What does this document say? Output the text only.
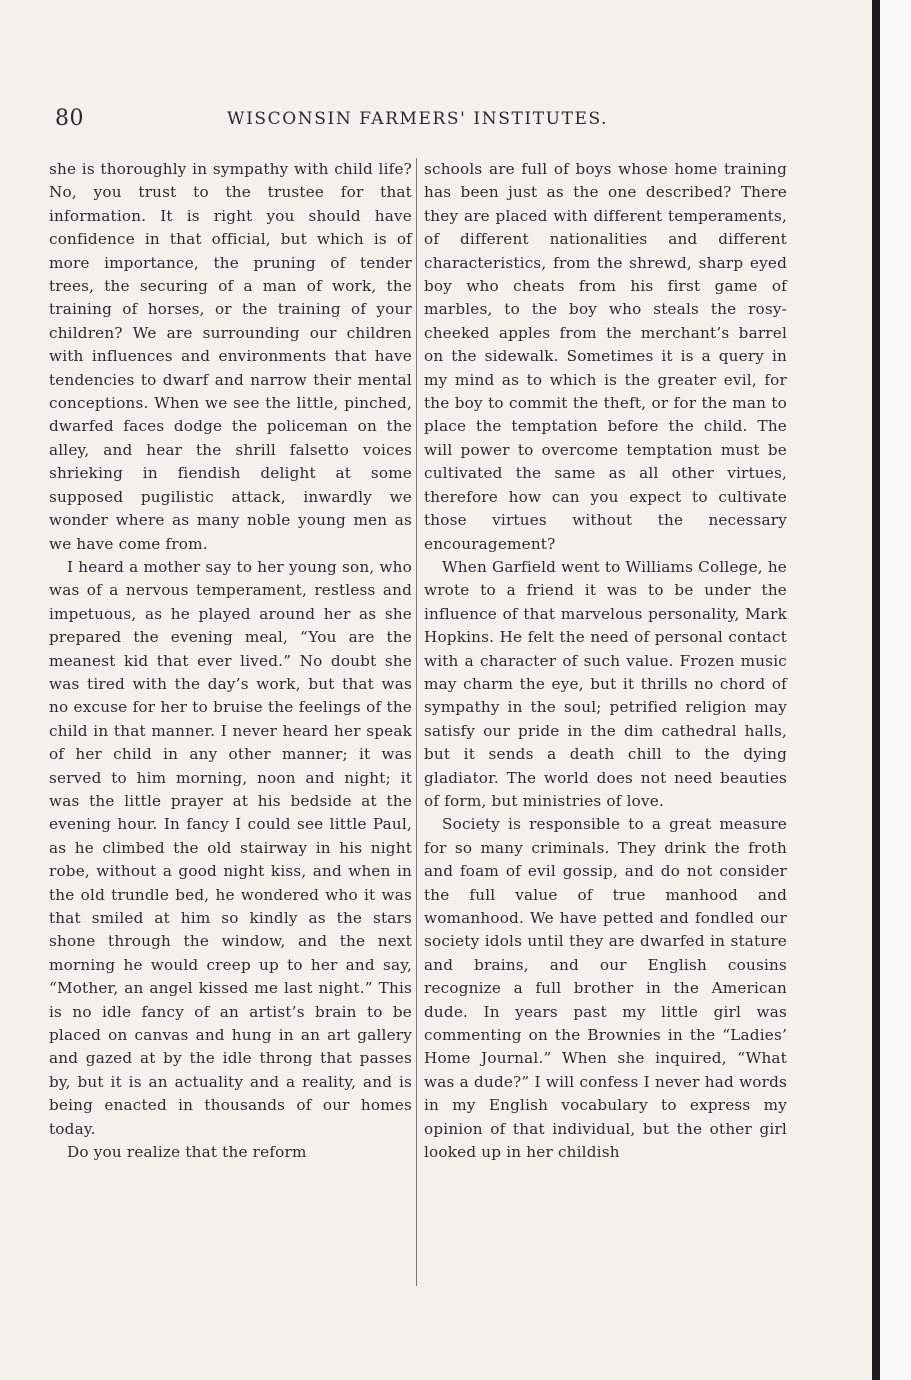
80	WISCONSIN FARMERS' INSTITUTES.

she is thoroughly in sympathy with child life? No, you trust to the trustee for that information. It is right you should have confidence in that official, but which is of more importance, the pruning of tender trees, the securing of a man of work, the training of horses, or the training of your children? We are surrounding our children with influences and environments that have tendencies to dwarf and narrow their mental conceptions. When we see the little, pinched, dwarfed faces dodge the policeman on the alley, and hear the shrill falsetto voices shrieking in fiendish delight at some supposed pugilistic attack, inwardly we wonder where as many noble young men as we have come from.

I heard a mother say to her young son, who was of a nervous temperament, restless and impetuous, as he played around her as she prepared the evening meal, “You are the meanest kid that ever lived.” No doubt she was tired with the day’s work, but that was no excuse for her to bruise the feelings of the child in that manner. I never heard her speak of her child in any other manner; it was served to him morning, noon and night; it was the little prayer at his bedside at the evening hour. In fancy I could see little Paul, as he climbed the old stairway in his night robe, without a good night kiss, and when in the old trundle bed, he wondered who it was that smiled at him so kindly as the stars shone through the window, and the next morning he would creep up to her and say, “Mother, an angel kissed me last night.” This is no idle fancy of an artist’s brain to be placed on canvas and hung in an art gallery and gazed at by the idle throng that passes by, but it is an actuality and a reality, and is being enacted in thousands of our homes today.

Do you realize that the reform

schools are full of boys whose home training has been just as the one described? There they are placed with different temperaments, of different nationalities and different characteristics, from the shrewd, sharp eyed boy who cheats from his first game of marbles, to the boy who steals the rosy-cheeked apples from the merchant’s barrel on the sidewalk. Sometimes it is a query in my mind as to which is the greater evil, for the boy to commit the theft, or for the man to place the temptation before the child. The will power to overcome temptation must be cultivated the same as all other virtues, therefore how can you expect to cultivate those virtues without the necessary encouragement?

When Garfield went to Williams College, he wrote to a friend it was to be under the influence of that marvelous personality, Mark Hopkins. He felt the need of personal contact with a character of such value. Frozen music may charm the eye, but it thrills no chord of sympathy in the soul; petrified religion may satisfy our pride in the dim cathedral halls, but it sends a death chill to the dying gladiator. The world does not need beauties of form, but ministries of love.

Society is responsible to a great measure for so many criminals. They drink the froth and foam of evil gossip, and do not consider the full value of true manhood and womanhood. We have petted and fondled our society idols until they are dwarfed in stature and brains, and our English cousins recognize a full brother in the American dude. In years past my little girl was commenting on the Brownies in the “Ladies’ Home Journal.” When she inquired, “What was a dude?” I will confess I never had words in my English vocabulary to express my opinion of that individual, but the other girl looked up in her childish
